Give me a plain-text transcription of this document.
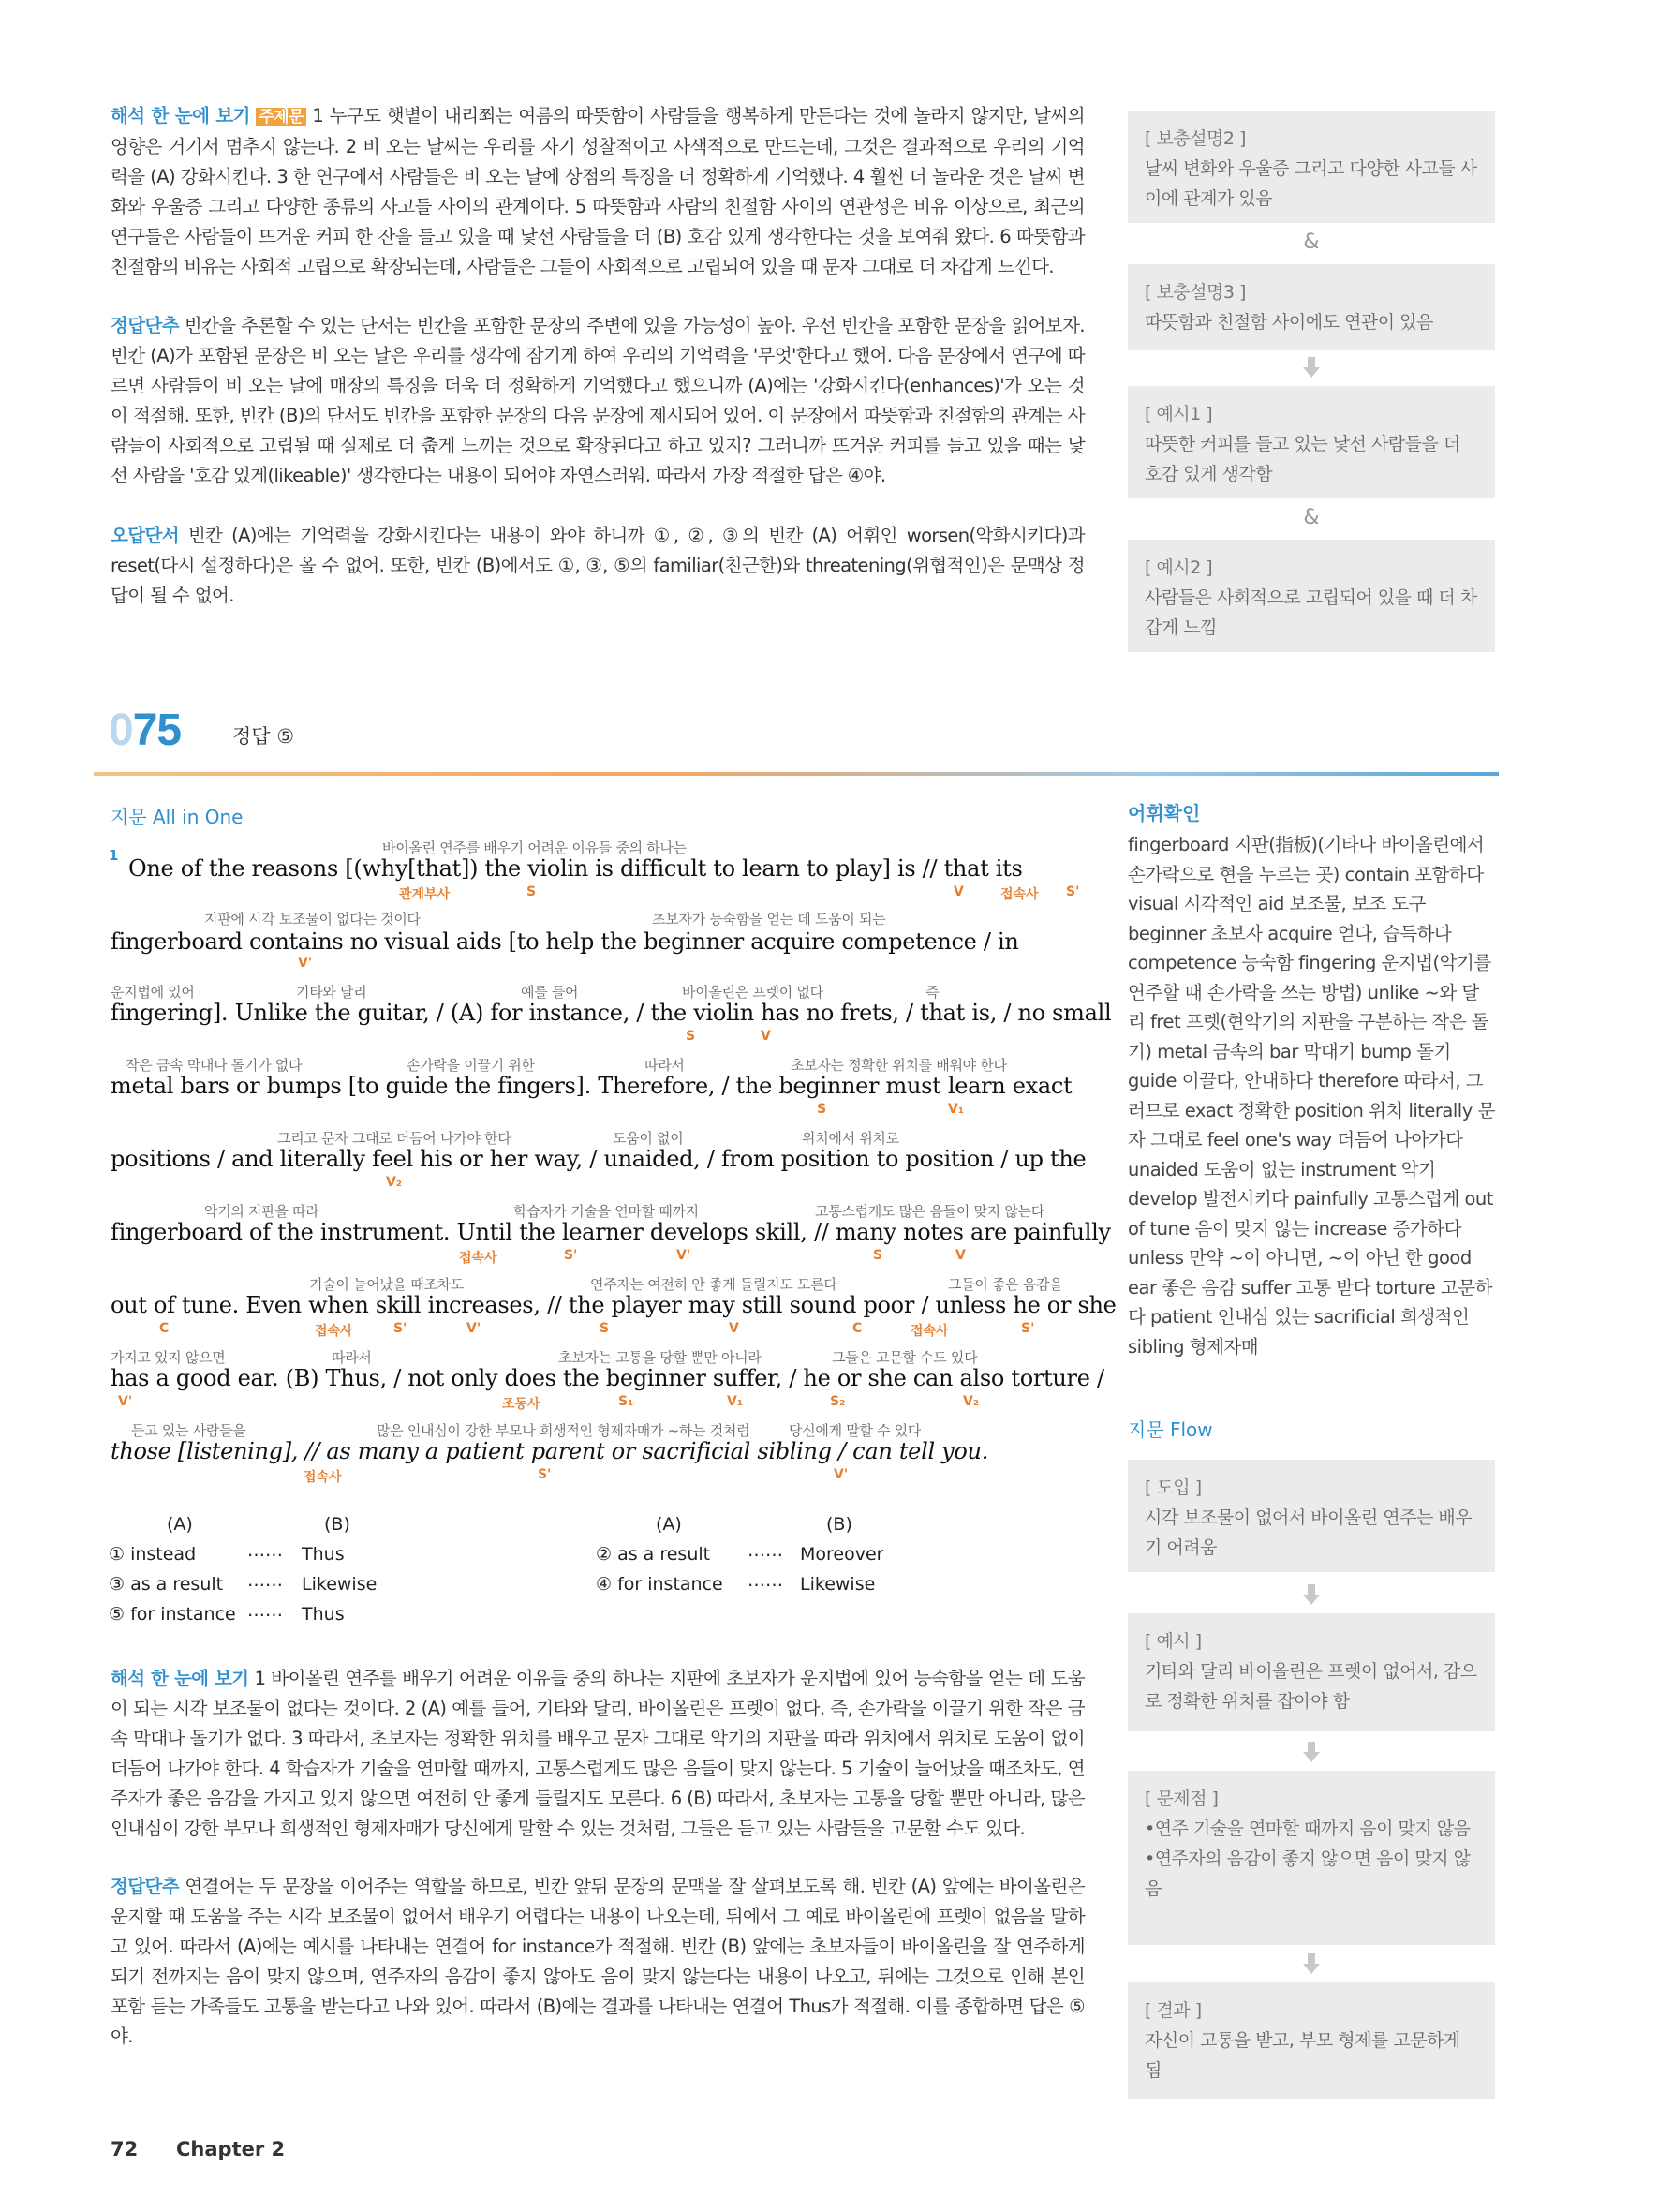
해석 한 눈에 보기 주제문 1 누구도 햇볕이 내리쬐는 여름의 따뜻함이 사람들을 행복하게 만든다는 것에 놀라지 않지만, 날씨의 영향은 거기서 멈추지 않는다. 2 비 오는 날씨는 우리를 자기 성찰적이고 사색적으로 만드는데, 그것은 결과적으로 우리의 기억력을 (A) 강화시킨다. 3 한 연구에서 사람들은 비 오는 날에 상점의 특징을 더 정확하게 기억했다. 4 훨씬 더 놀라운 것은 날씨 변화와 우울증 그리고 다양한 종류의 사고들 사이의 관계이다. 5 따뜻함과 사람의 친절함 사이의 연관성은 비유 이상으로, 최근의 연구들은 사람들이 뜨거운 커피 한 잔을 들고 있을 때 낯선 사람들을 더 (B) 호감 있게 생각한다는 것을 보여줘 왔다. 6 따뜻함과 친절함의 비유는 사회적 고립으로 확장되는데, 사람들은 그들이 사회적으로 고립되어 있을 때 문자 그대로 더 차갑게 느낀다.
정답단추 빈칸을 추론할 수 있는 단서는 빈칸을 포함한 문장의 주변에 있을 가능성이 높아. 우선 빈칸을 포함한 문장을 읽어보자. 빈칸 (A)가 포함된 문장은 비 오는 날은 우리를 생각에 잠기게 하여 우리의 기억력을 '무엇'한다고 했어. 다음 문장에서 연구에 따르면 사람들이 비 오는 날에 매장의 특징을 더욱 더 정확하게 기억했다고 했으니까 (A)에는 '강화시킨다(enhances)'가 오는 것이 적절해. 또한, 빈칸 (B)의 단서도 빈칸을 포함한 문장의 다음 문장에 제시되어 있어. 이 문장에서 따뜻함과 친절함의 관계는 사람들이 사회적으로 고립될 때 실제로 더 춥게 느끼는 것으로 확장된다고 하고 있지? 그러니까 뜨거운 커피를 들고 있을 때는 낯선 사람을 '호감 있게(likeable)' 생각한다는 내용이 되어야 자연스러워. 따라서 가장 적절한 답은 ④야.
오답단서 빈칸 (A)에는 기억력을 강화시킨다는 내용이 와야 하니까 ①, ②, ③의 빈칸 (A) 어휘인 worsen(악화시키다)과 reset(다시 설정하다)은 올 수 없어. 또한, 빈칸 (B)에서도 ①, ③, ⑤의 familiar(친근한)와 threatening(위협적인)은 문맥상 정답이 될 수 없어.
[ 보충설명2 ]
날씨 변화와 우울증 그리고 다양한 사고들 사이에 관계가 있음
&
[ 보충설명3 ]
따뜻함과 친절함 사이에도 연관이 있음
[ 예시1 ]
따뜻한 커피를 들고 있는 낯선 사람들을 더 호감 있게 생각함
&
[ 예시2 ]
사람들은 사회적으로 고립되어 있을 때 더 차갑게 느낌
075	정답 ⑤
지문 All in One	어휘확인
fingerboard 지판(指板)(기타나 바이올린에서 손가락으로 현을 누르는 곳) contain 포함하다 visual 시각적인 aid 보조물, 보조 도구 beginner 초보자 acquire 얻다, 습득하다 competence 능숙함 fingering 운지법(악기를 연주할 때 손가락을 쓰는 방법) unlike ~와 달리 fret 프렛(현악기의 지판을 구분하는 작은 돌기) metal 금속의 bar 막대기 bump 돌기 guide 이끌다, 안내하다 therefore 따라서, 그러므로 exact 정확한 position 위치 literally 문자 그대로 feel one's way 더듬어 나아가다 unaided 도움이 없는 instrument 악기 develop 발전시키다 painfully 고통스럽게 out of tune 음이 맞지 않는 increase 증가하다 unless 만약 ~이 아니면, ~이 아닌 한 good ear 좋은 음감 suffer 고통 받다 torture 고문하다 patient 인내심 있는 sacrificial 희생적인 sibling 형제자매
지문 Flow
바이올린 연주를 배우기 어려운 이유들 중의 하나는
1 One of the reasons [(why[that]) the violin is difficult to learn to play] is // that its
관계부사	S	V	접속사 S'
지판에 시각 보조물이 없다는 것이다	초보자가 능숙함을 얻는 데 도움이 되는
fingerboard contains no visual aids [to help the beginner acquire competence / in
V'
운지법에 있어	기타와 달리	예를 들어	바이올린은 프렛이 없다	즉
fingering]. Unlike the guitar, / (A) for instance, / the violin has no frets, / that is, / no small
S	V
작은 금속 막대나 돌기가 없다	손가락을 이끌기 위한	따라서	초보자는 정확한 위치를 배워야 한다
metal bars or bumps [to guide the fingers]. Therefore, / the beginner must learn exact
S	V₁
그리고 문자 그대로 더듬어 나가야 한다	도움이 없이	위치에서 위치로
positions / and literally feel his or her way, / unaided, / from position to position / up the
V₂
악기의 지판을 따라	학습자가 기술을 연마할 때까지	고통스럽게도 많은 음들이 맞지 않는다
fingerboard of the instrument. Until the learner develops skill, // many notes are painfully
접속사	S'	V'	S	V
기술이 늘어났을 때조차도	연주자는 여전히 안 좋게 들릴지도 모른다	그들이 좋은 음감을
out of tune. Even when skill increases, // the player may still sound poor / unless he or she
C	접속사	S'	V'	S	V	C	접속사	S'
가지고 있지 않으면	따라서	초보자는 고통을 당할 뿐만 아니라	그들은 고문할 수도 있다
has a good ear. (B) Thus, / not only does the beginner suffer, / he or she can also torture /
V'	조동사	S₁	V₁	S₂	V₂
듣고 있는 사람들을	많은 인내심이 강한 부모나 희생적인 형제자매가 ~하는 것처럼	당신에게 말할 수 있다
those [listening], // as many a patient parent or sacrificial sibling / can tell you.
접속사	S'	V'
(A)	(B)	(A)	(B)
① instead	…… Thus	② as a result …… Moreover
③ as a result …… Likewise	④ for instance …… Likewise
⑤ for instance …… Thus
해석 한 눈에 보기 1 바이올린 연주를 배우기 어려운 이유들 중의 하나는 지판에 초보자가 운지법에 있어 능숙함을 얻는 데 도움이 되는 시각 보조물이 없다는 것이다. 2 (A) 예를 들어, 기타와 달리, 바이올린은 프렛이 없다. 즉, 손가락을 이끌기 위한 작은 금속 막대나 돌기가 없다. 3 따라서, 초보자는 정확한 위치를 배우고 문자 그대로 악기의 지판을 따라 위치에서 위치로 도움이 없이 더듬어 나가야 한다. 4 학습자가 기술을 연마할 때까지, 고통스럽게도 많은 음들이 맞지 않는다. 5 기술이 늘어났을 때조차도, 연주자가 좋은 음감을 가지고 있지 않으면 여전히 안 좋게 들릴지도 모른다. 6 (B) 따라서, 초보자는 고통을 당할 뿐만 아니라, 많은 인내심이 강한 부모나 희생적인 형제자매가 당신에게 말할 수 있는 것처럼, 그들은 듣고 있는 사람들을 고문할 수도 있다.
정답단추 연결어는 두 문장을 이어주는 역할을 하므로, 빈칸 앞뒤 문장의 문맥을 잘 살펴보도록 해. 빈칸 (A) 앞에는 바이올린은 운지할 때 도움을 주는 시각 보조물이 없어서 배우기 어렵다는 내용이 나오는데, 뒤에서 그 예로 바이올린에 프렛이 없음을 말하고 있어. 따라서 (A)에는 예시를 나타내는 연결어 for instance가 적절해. 빈칸 (B) 앞에는 초보자들이 바이올린을 잘 연주하게 되기 전까지는 음이 맞지 않으며, 연주자의 음감이 좋지 않아도 음이 맞지 않는다는 내용이 나오고, 뒤에는 그것으로 인해 본인 포함 듣는 가족들도 고통을 받는다고 나와 있어. 따라서 (B)에는 결과를 나타내는 연결어 Thus가 적절해. 이를 종합하면 답은 ⑤야.
[ 도입 ]
시각 보조물이 없어서 바이올린 연주는 배우기 어려움
[ 예시 ]
기타와 달리 바이올린은 프렛이 없어서, 감으로 정확한 위치를 잡아야 함
[ 문제점 ]
•연주 기술을 연마할 때까지 음이 맞지 않음
•연주자의 음감이 좋지 않으면 음이 맞지 않음
[ 결과 ]
자신이 고통을 받고, 부모 형제를 고문하게 됨
72 Chapter 2
